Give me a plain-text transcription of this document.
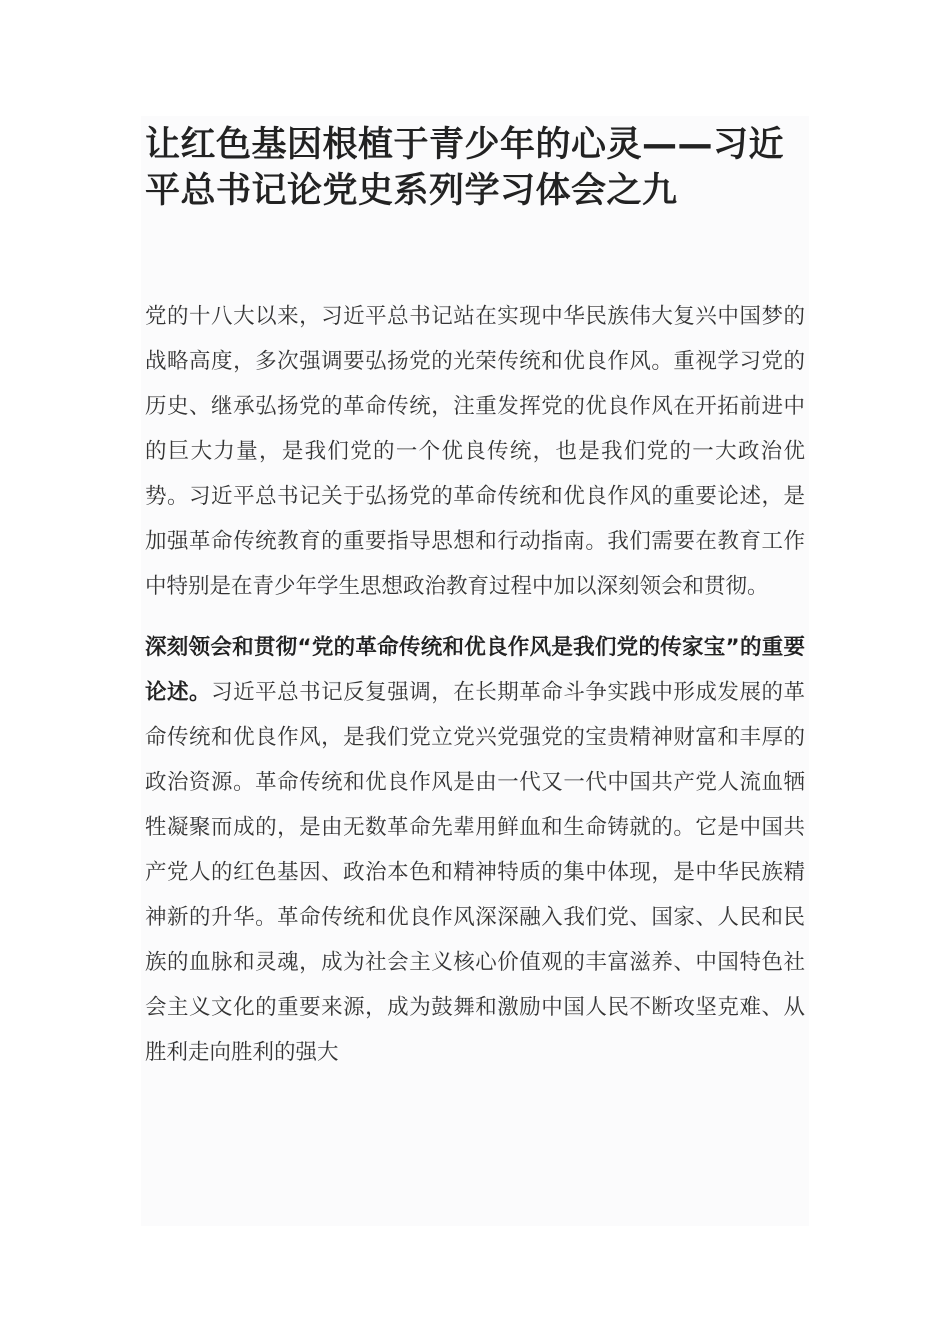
让红色基因根植于青少年的心灵——习近平总书记论党史系列学习体会之九

党的十八大以来，习近平总书记站在实现中华民族伟大复兴中国梦的战略高度，多次强调要弘扬党的光荣传统和优良作风。重视学习党的历史、继承弘扬党的革命传统，注重发挥党的优良作风在开拓前进中的巨大力量，是我们党的一个优良传统，也是我们党的一大政治优势。习近平总书记关于弘扬党的革命传统和优良作风的重要论述，是加强革命传统教育的重要指导思想和行动指南。我们需要在教育工作中特别是在青少年学生思想政治教育过程中加以深刻领会和贯彻。

深刻领会和贯彻“党的革命传统和优良作风是我们党的传家宝”的重要论述。习近平总书记反复强调，在长期革命斗争实践中形成发展的革命传统和优良作风，是我们党立党兴党强党的宝贵精神财富和丰厚的政治资源。革命传统和优良作风是由一代又一代中国共产党人流血牺牲凝聚而成的，是由无数革命先辈用鲜血和生命铸就的。它是中国共产党人的红色基因、政治本色和精神特质的集中体现，是中华民族精神新的升华。革命传统和优良作风深深融入我们党、国家、人民和民族的血脉和灵魂，成为社会主义核心价值观的丰富滋养、中国特色社会主义文化的重要来源，成为鼓舞和激励中国人民不断攻坚克难、从胜利走向胜利的强大
